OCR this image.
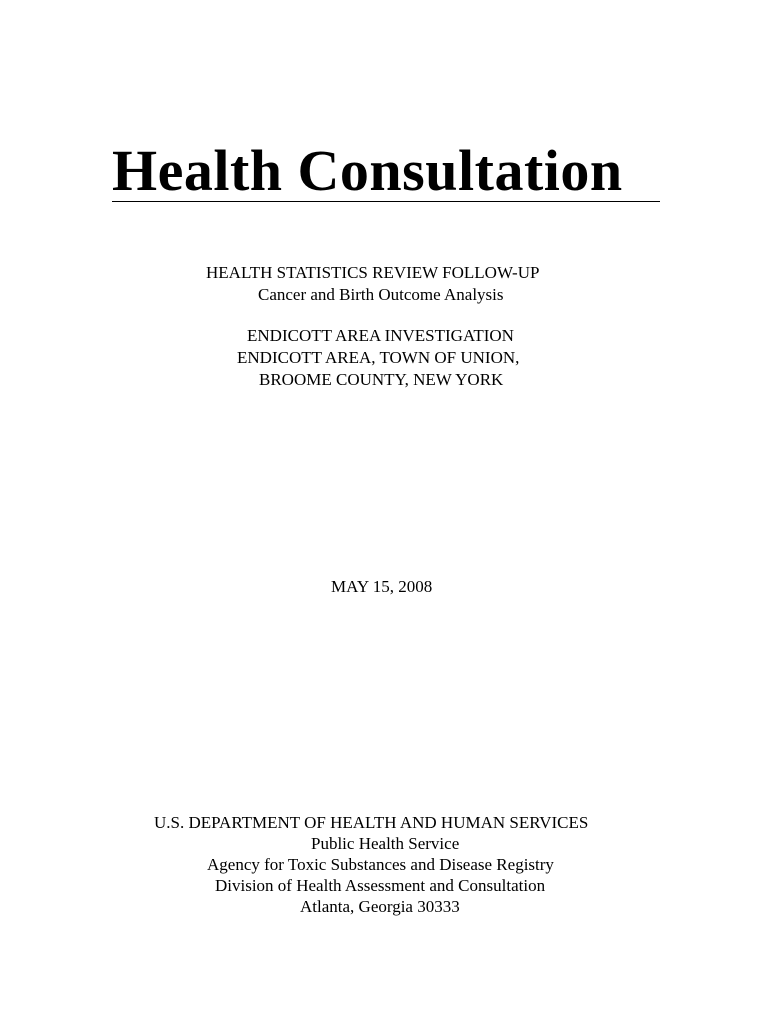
Health Consultation
HEALTH STATISTICS REVIEW FOLLOW-UP
Cancer and Birth Outcome Analysis
ENDICOTT AREA INVESTIGATION
ENDICOTT AREA, TOWN OF UNION,
BROOME COUNTY, NEW YORK
MAY 15, 2008
U.S. DEPARTMENT OF HEALTH AND HUMAN SERVICES
Public Health Service
Agency for Toxic Substances and Disease Registry
Division of Health Assessment and Consultation
Atlanta, Georgia 30333
